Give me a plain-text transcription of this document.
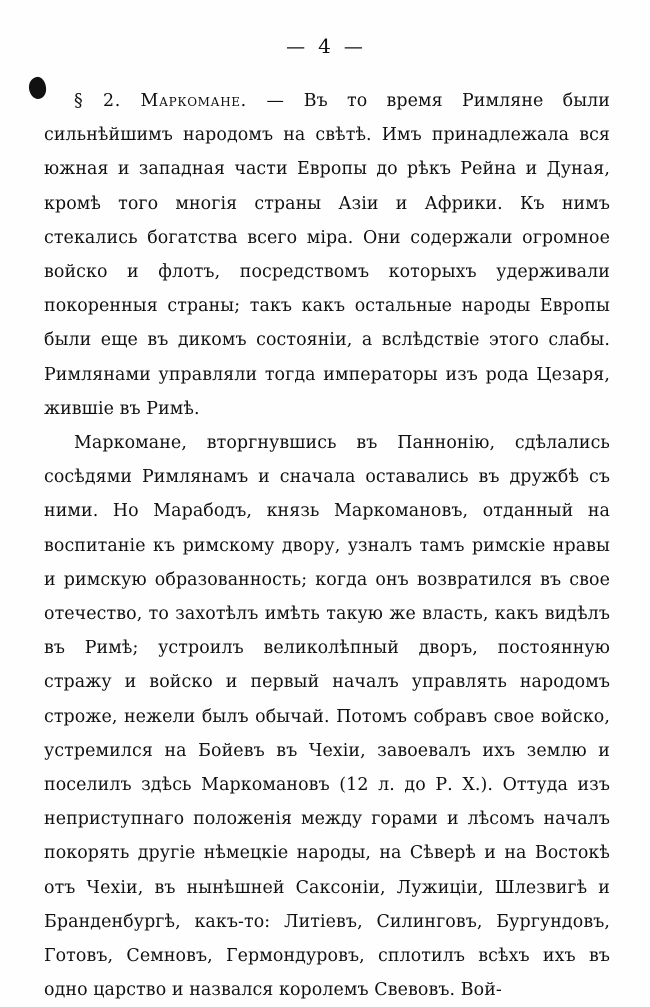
— 4 —

§ 2. Маркоманe. — Въ то время Римляне были сильнѣйшимъ народомъ на свѣтѣ. Имъ принадлежала вся южная и западная части Европы до рѣкъ Рейна и Дуная, кромѣ того многія страны Азіи и Африки. Къ нимъ стекались богатства всего міра. Они содержали огромное войско и флотъ, посредствомъ которыхъ удерживали покоренныя страны; такъ какъ остальные народы Европы были еще въ дикомъ состояніи, а вслѣдствіе этого слабы. Римлянами управляли тогда императоры изъ рода Цезаря, жившіе въ Римѣ.

Маркомане, вторгнувшись въ Паннонію, сдѣлались сосѣдями Римлянамъ и сначала оставались въ дружбѣ съ ними. Но Марабодъ, князь Маркомановъ, отданный на воспитаніе къ римскому двору, узналъ тамъ римскіе нравы и римскую образованность; когда онъ возвратился въ свое отечество, то захотѣлъ имѣть такую же власть, какъ видѣлъ въ Римѣ; устроилъ великолѣпный дворъ, постоянную стражу и войско и первый началъ управлять народомъ строже, нежели былъ обычай. Потомъ собравъ свое войско, устремился на Бойевъ въ Чехіи, завоевалъ ихъ землю и поселилъ здѣсь Маркомановъ (12 л. до Р. Х.). Оттуда изъ неприступнаго положенія между горами и лѣсомъ началъ покорять другіе нѣмецкіе народы, на Сѣверѣ и на Востокѣ отъ Чехіи, въ нынѣшней Саксоніи, Лужиціи, Шлезвигѣ и Бранденбургѣ, какъ-то: Литіевъ, Силинговъ, Бургундовъ, Готовъ, Семновъ, Гермондуровъ, сплотилъ всѣхъ ихъ въ одно царство и назвался королемъ Свевовъ. Вой-
